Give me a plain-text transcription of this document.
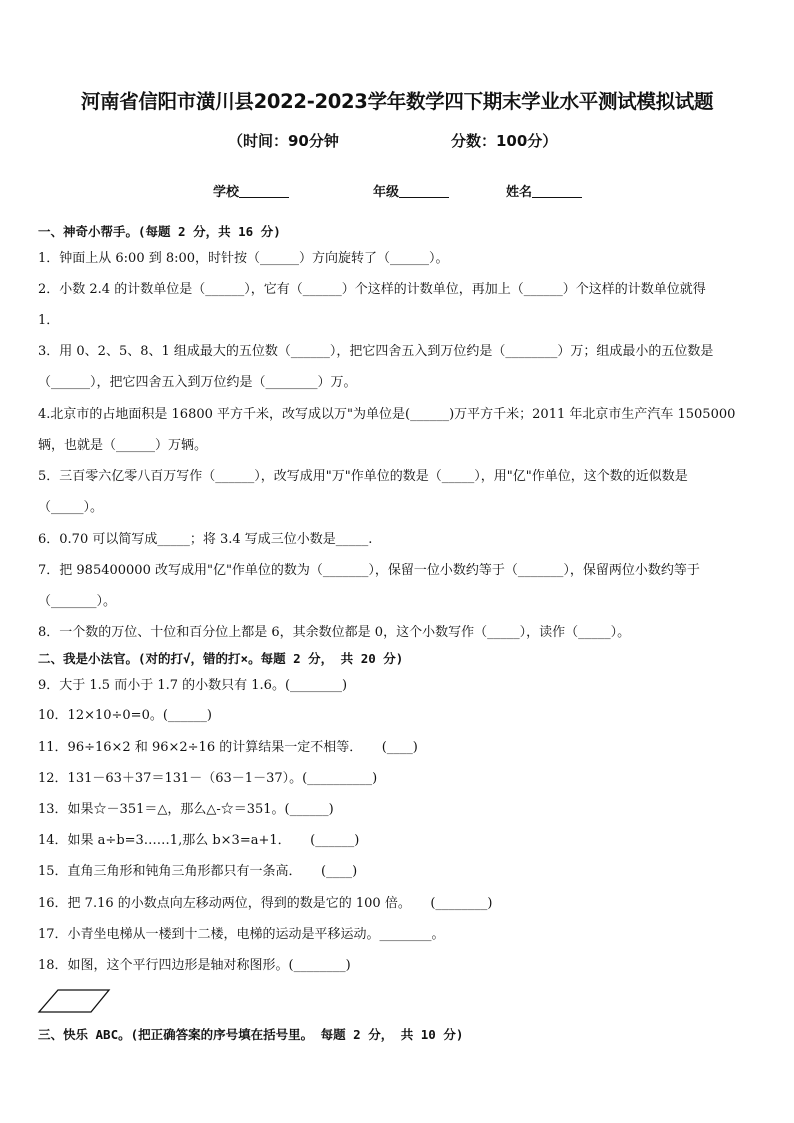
河南省信阳市潢川县2022-2023学年数学四下期末学业水平测试模拟试题
（时间：90分钟	分数：100分）
学校	年级	姓名
一、神奇小帮手。(每题 2 分，共 16 分)
1．钟面上从 6:00 到 8:00，时针按（______）方向旋转了（______）。
2．小数 2.4 的计数单位是（______），它有（______）个这样的计数单位，再加上（______）个这样的计数单位就得
1．
3．用 0、2、5、8、1 组成最大的五位数（______），把它四舍五入到万位约是（________）万；组成最小的五位数是
（______），把它四舍五入到万位约是（________）万。
4.北京市的占地面积是 16800 平方千米，改写成以万"为单位是(______)万平方千米；2011 年北京市生产汽车 1505000
辆，也就是（______）万辆。
5．三百零六亿零八百万写作（______），改写成用"万"作单位的数是（_____），用"亿"作单位，这个数的近似数是
（_____）。
6．0.70 可以简写成_____；将 3.4 写成三位小数是_____.
7．把 985400000 改写成用"亿"作单位的数为（_______），保留一位小数约等于（_______），保留两位小数约等于
（_______）。
8．一个数的万位、十位和百分位上都是 6，其余数位都是 0，这个小数写作（_____），读作（_____）。
二、我是小法官。(对的打√，错的打×。每题 2 分， 共 20 分)
9．大于 1.5 而小于 1.7 的小数只有 1.6。(________)
10．12×10÷0=0。(______)
11．96÷16×2 和 96×2÷16 的计算结果一定不相等．　　(____)
12．131－63＋37＝131－（63－1－37）。(__________)
13．如果☆－351＝△，那么△-☆＝351。(______)
14．如果 a÷b=3……1,那么 b×3=a+1．　　(______)
15．直角三角形和钝角三角形都只有一条高．　　(____)
16．把 7.16 的小数点向左移动两位，得到的数是它的 100 倍。　　(________)
17．小青坐电梯从一楼到十二楼，电梯的运动是平移运动。________。
18．如图，这个平行四边形是轴对称图形。(________)
三、快乐 ABC。(把正确答案的序号填在括号里。 每题 2 分， 共 10 分)
